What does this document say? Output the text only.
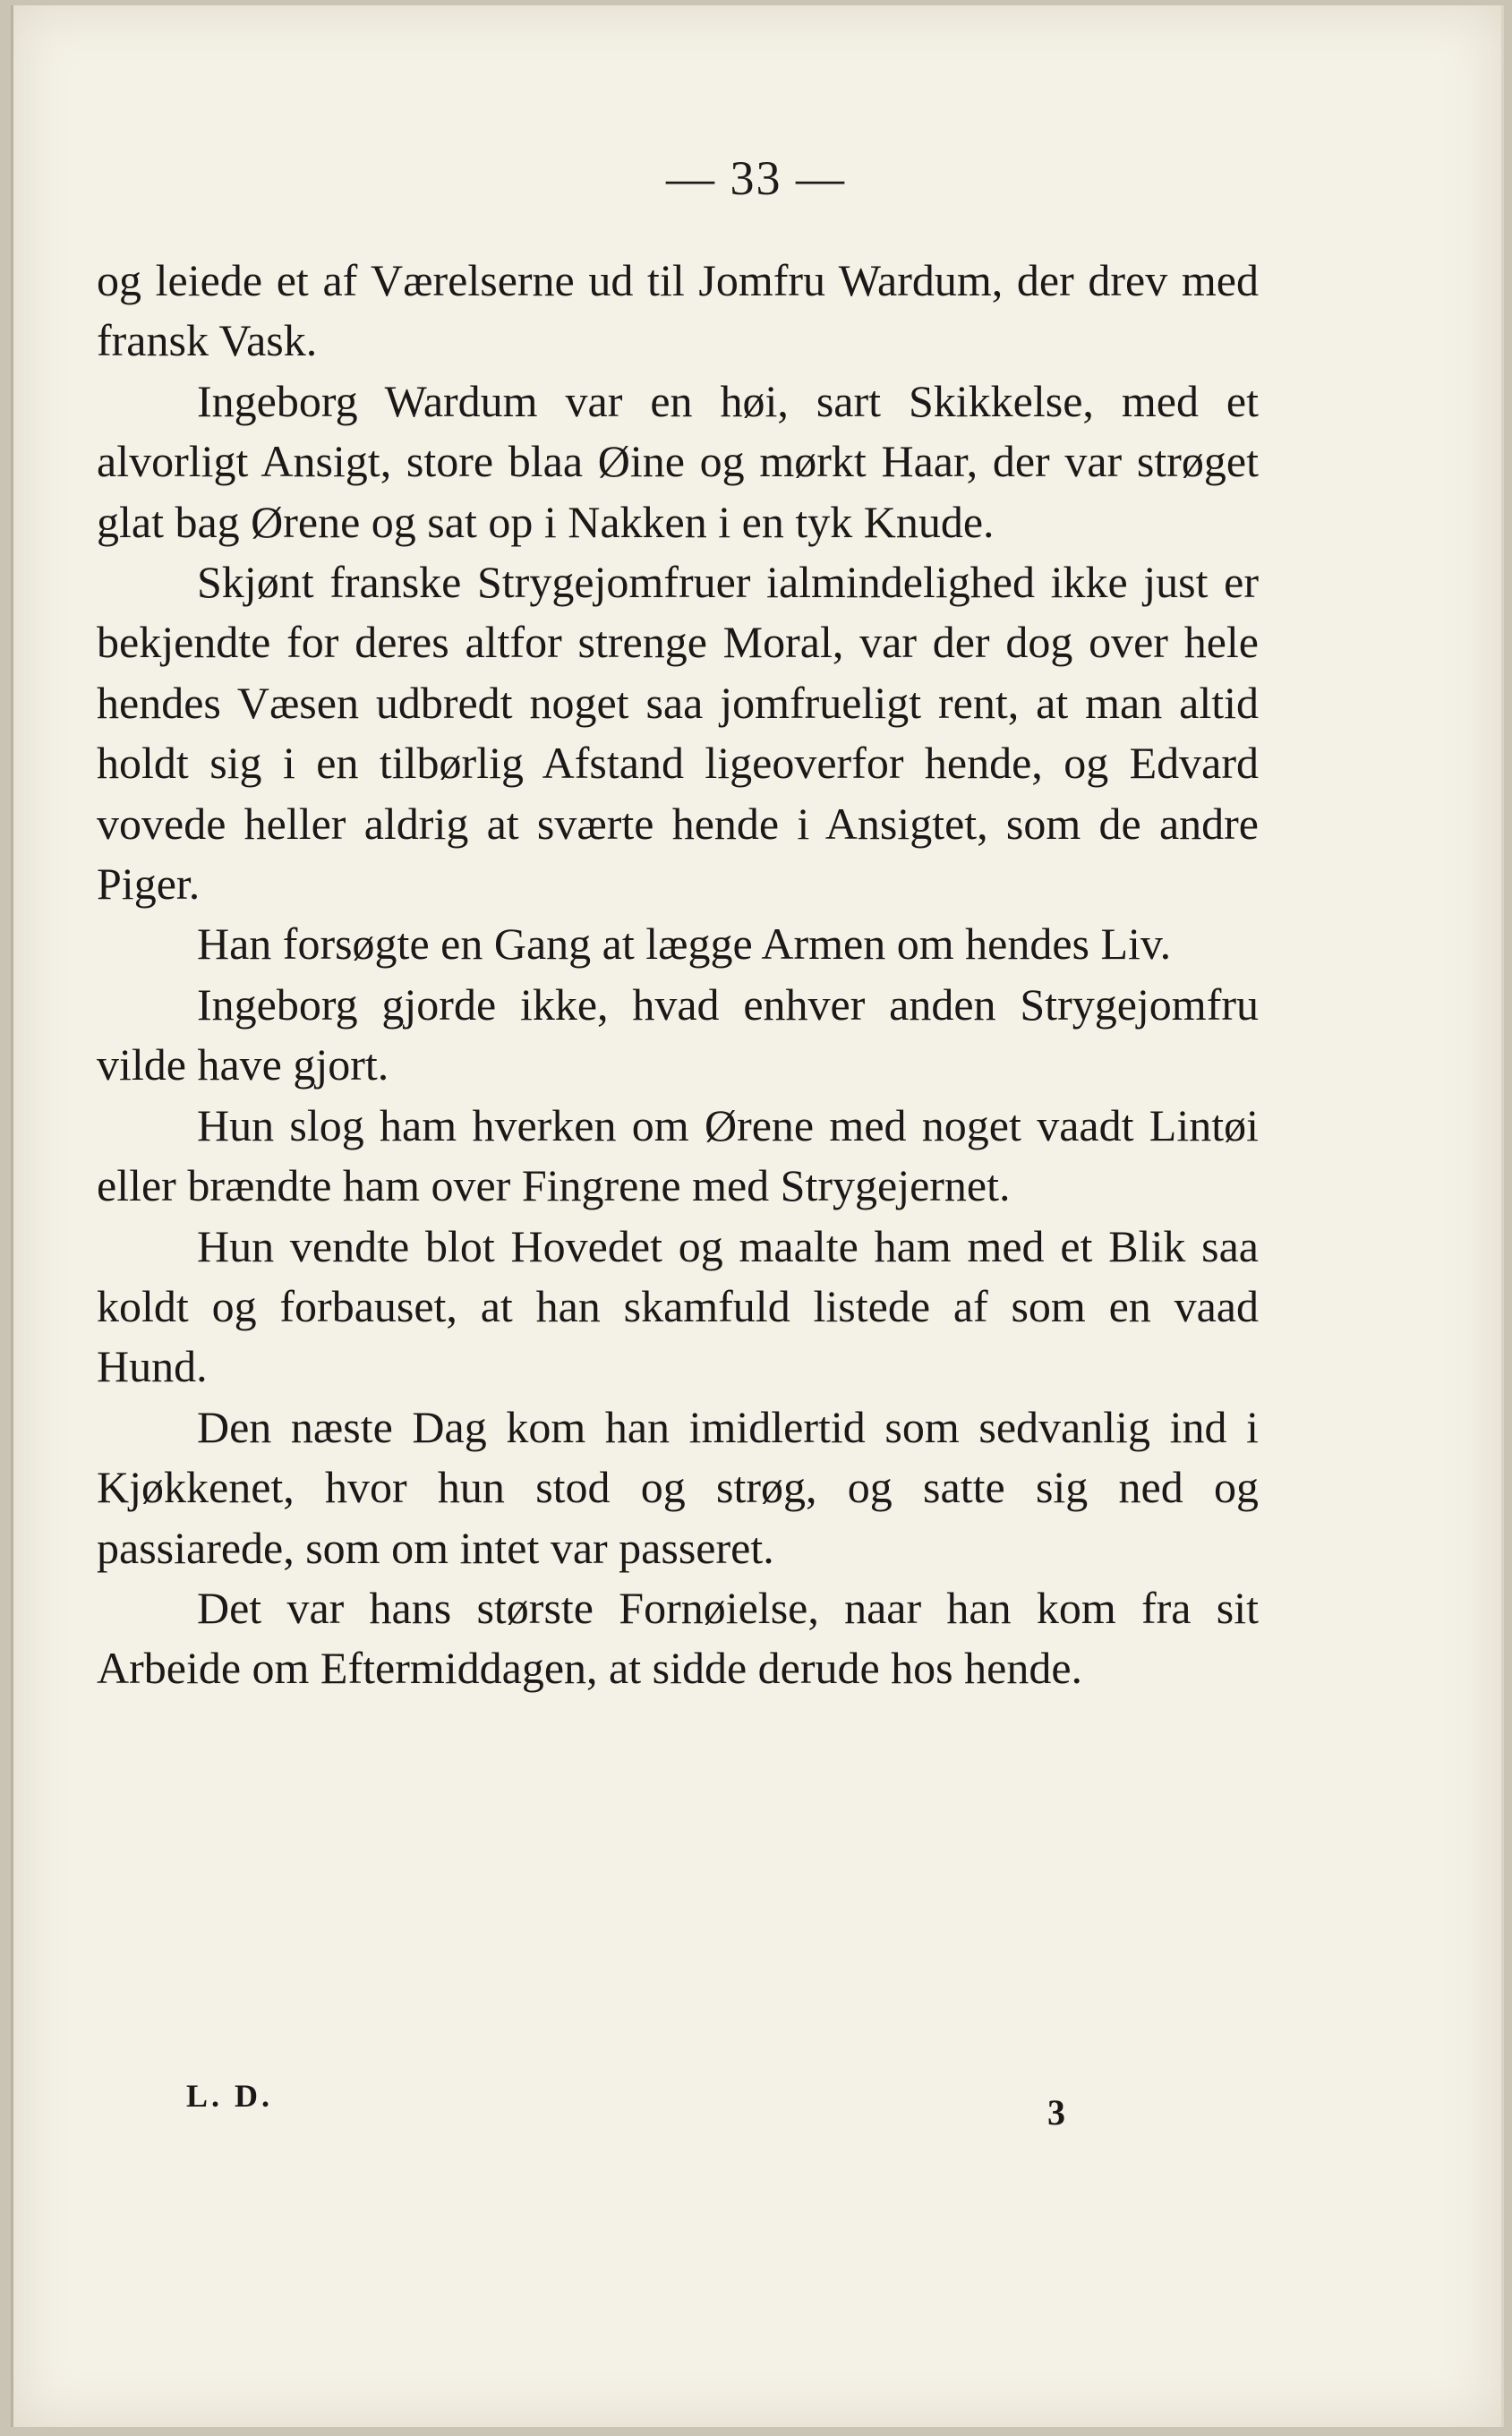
— 33 —

og leiede et af Værelserne ud til Jomfru Wardum, der drev med fransk Vask.

Ingeborg Wardum var en høi, sart Skikkelse, med et alvorligt Ansigt, store blaa Øine og mørkt Haar, der var strøget glat bag Ørene og sat op i Nakken i en tyk Knude.

Skjønt franske Strygejomfruer ialmindelighed ikke just er bekjendte for deres altfor strenge Moral, var der dog over hele hendes Væsen udbredt noget saa jomfrueligt rent, at man altid holdt sig i en tilbørlig Afstand ligeoverfor hende, og Edvard vovede heller aldrig at sværte hende i Ansigtet, som de andre Piger.

Han forsøgte en Gang at lægge Armen om hendes Liv.

Ingeborg gjorde ikke, hvad enhver anden Strygejomfru vilde have gjort.

Hun slog ham hverken om Ørene med noget vaadt Lintøi eller brændte ham over Fingrene med Strygejernet.

Hun vendte blot Hovedet og maalte ham med et Blik saa koldt og forbauset, at han skamfuld listede af som en vaad Hund.

Den næste Dag kom han imidlertid som sedvanlig ind i Kjøkkenet, hvor hun stod og strøg, og satte sig ned og passiarede, som om intet var passeret.

Det var hans største Fornøielse, naar han kom fra sit Arbeide om Eftermiddagen, at sidde derude hos hende.

L. D.	3
